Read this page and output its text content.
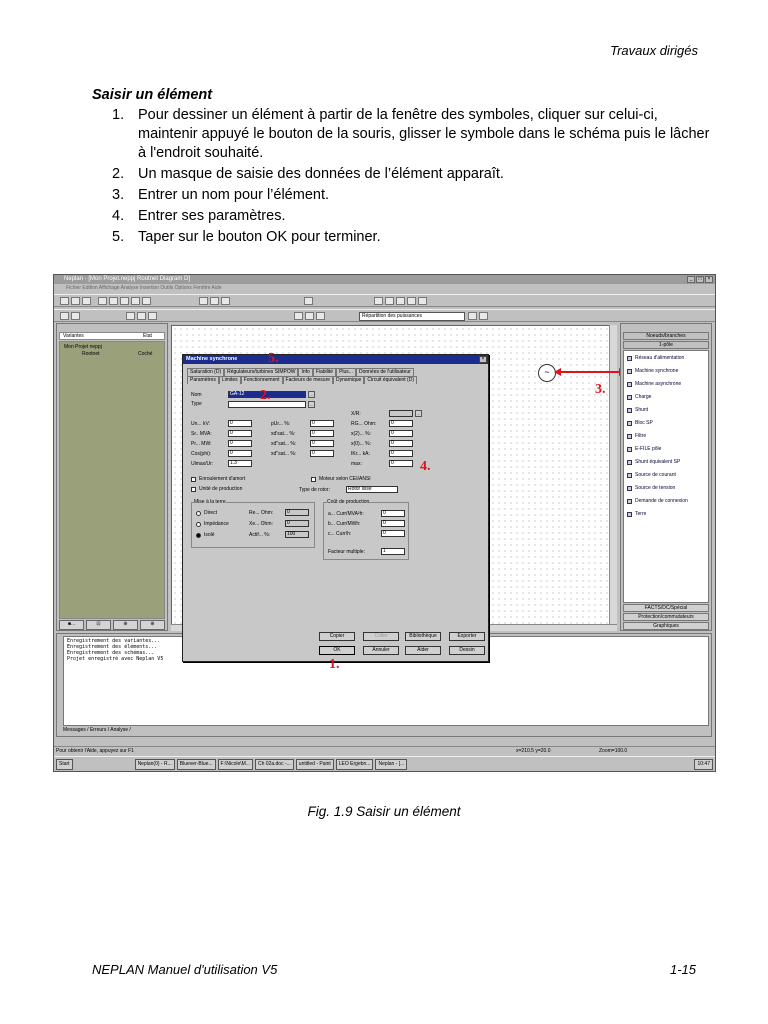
Travaux dirigés
Saisir un élément
1. Pour dessiner un élément à partir de la fenêtre des symboles, cliquer sur celui-ci, maintenir appuyé le bouton de la souris, glisser le symbole dans le schéma puis le lâcher à l'endroit souhaité.
2. Un masque de saisie des données de l’élément apparaît.
3. Entrer un nom pour l’élément.
4. Entrer ses paramètres.
5. Taper sur le bouton OK pour terminer.
Neplan - [Mon Projet.neppj Rootnet Diagram D]	_	□	×
Fichier Edition Affichage Analyse Insertion Outils Options Fenêtre Aide
Répartition des puissances
Variantes	Etat
Mon Projet neppj
Rootnet	Coché
■...	⊡	⊕	⊕
~
Noeuds/branches
1-pôle
Réseau d'alimentation
Machine synchrone
Machine asynchrone
Charge
Shunt
Bloc SP
Filtre
E-FILE pôle
Shunt équivalent SP
Source de courant
Source de tension
Demande de connexion
Terre
FACTS/DC/Spécial
Protection/commutateurs
Graphiques
Enregistrement des variantes...
Enregistrement des éléments...
Enregistrement des schémas...
Projet enregistré avec Neplan V5
Messages / Erreurs / Analyse /
Pour obtenir l'Aide, appuyez sur F1	x=210.5 y=20.0	Zoom=100.0
Start	Neplan(0) - R...	Bluever-Blue...	F:\Nicole\M...	Ch 02a.doc -...	untitled - Paint	LEO Ergebn...	Neplan - [...	10:47
Machine synchrone	×
Saturation (D)	Régulateurs/turbines SIMPOW	Info	Fiabilité	Plus...	Données de l'utilisateur
Paramètres	Limites	Fonctionnement	Facteurs de mesure	Dynamique	Circuit équivalent (D)
Nom	GA-12	…
Type	…
Un... kV:	0
Sr.. MVA:	0
Pr... MW:	0
Cos(phi):	0
Ulmax/Ur:	1.3
pUr... %:	0
xd'sat... %:	0
xd''sat... %:	0
xd''sat... %:	0
X/R:	…
RG... Ohm:	0
x(2)... %:	0
x(0)... %:	0
IKr... kA:	0
max:	0
Enroulement d'amort
Unité de production
Moteur selon CEI/ANSI
Type de rotor:	Rotor lisse
Mise à la terre
Direct
Impédance
Isolé
Re... Ohm:	0
Xe... Ohm:	0
Actif... %:	100
Coût de production
a... Curr/MVA²h:	0
b... Curr/MWh:	0
c... Curr/h:	0
Facteur multiple:	1
Copier	Coller	Bibliothèque	Exporter
OK	Annuler	Aider	Dessin
1.
2.	3.
4.
5.
Fig. 1.9 Saisir un élément
NEPLAN Manuel d'utilisation V5	1-15
